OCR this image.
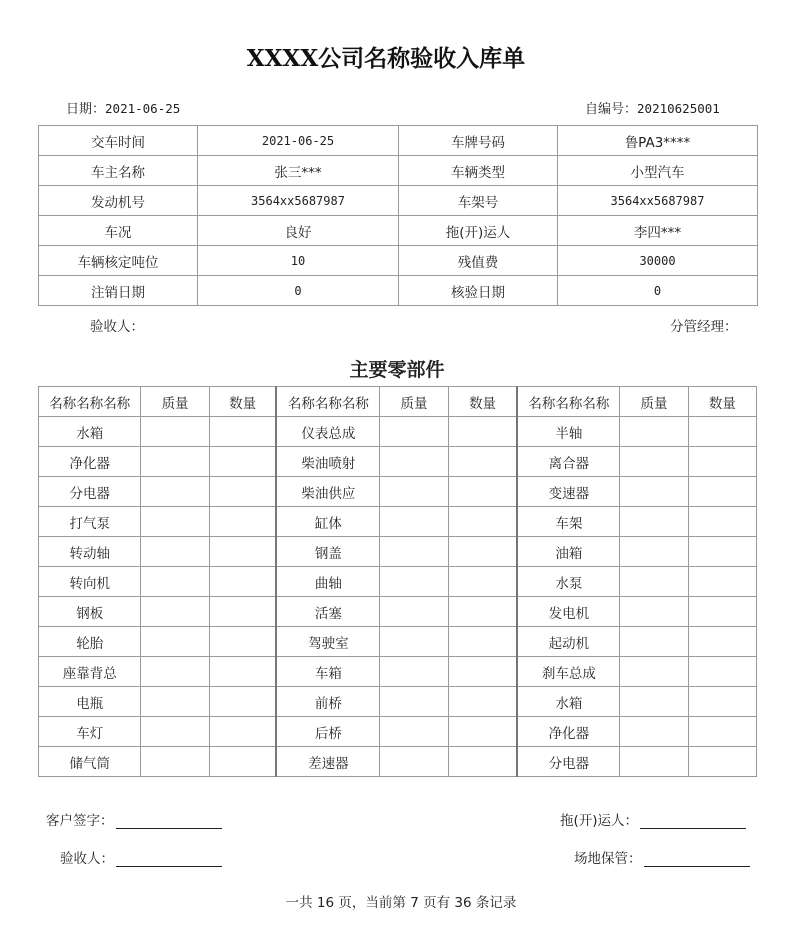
XXXX公司名称验收入库单
日期：2021-06-25	自编号：20210625001
交车时间	2021-06-25	车牌号码	鲁PA3****
车主名称	张三***	车辆类型	小型汽车
发动机号	3564xx5687987	车架号	3564xx5687987
车况	良好	拖(开)运人	李四***
车辆核定吨位	10	残值费	30000
注销日期	0	核验日期	0
验收人：	分管经理：
主要零部件
名称名称名称	质量	数量	名称名称名称	质量	数量	名称名称名称	质量	数量
水箱			仪表总成			半轴		
净化器			柴油喷射			离合器		
分电器			柴油供应			变速器		
打气泵			缸体			车架		
转动轴			钢盖			油箱		
转向机			曲轴			水泵		
钢板			活塞			发电机		
轮胎			驾驶室			起动机		
座靠背总			车箱			刹车总成		
电瓶			前桥			水箱		
车灯			后桥			净化器		
储气筒			差速器			分电器		
客户签字：	拖(开)运人：
验收人：	场地保管：
一共 16 页，当前第 7 页有 36 条记录
